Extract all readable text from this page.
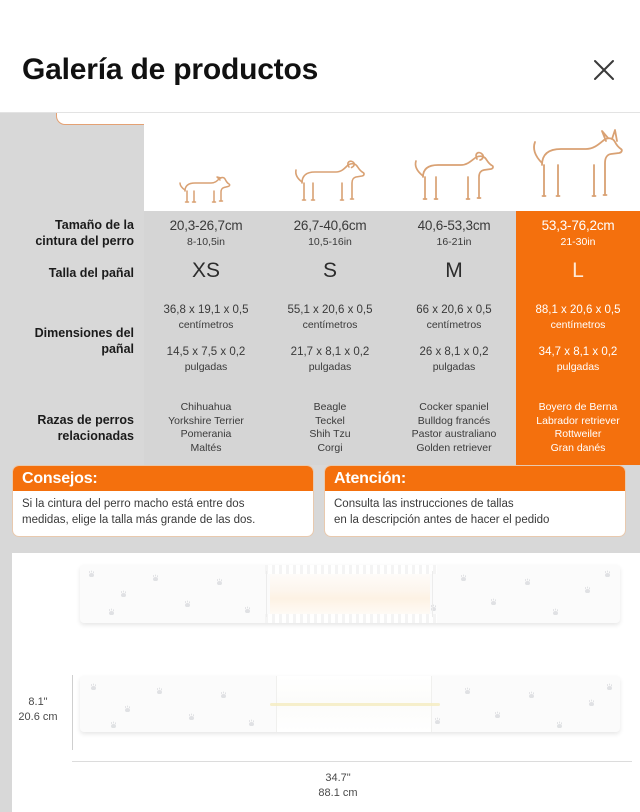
Galería de productos
Tamaño de la
cintura del perro
Talla del pañal
Dimensiones del
pañal
Razas de perros
relacionadas
20,3-26,7cm
8-10,5in
XS
36,8 x 19,1 x 0,5
centímetros
14,5 x 7,5 x 0,2
pulgadas
Chihuahua
Yorkshire Terrier
Pomerania
Maltés
26,7-40,6cm
10,5-16in
S
55,1 x 20,6 x 0,5
centímetros
21,7 x 8,1 x 0,2
pulgadas
Beagle
Teckel
Shih Tzu
Corgi
40,6-53,3cm
16-21in
M
66 x 20,6 x 0,5
centímetros
26 x 8,1 x 0,2
pulgadas
Cocker spaniel
Bulldog francés
Pastor australiano
Golden retriever
53,3-76,2cm
21-30in
L
88,1 x 20,6 x 0,5
centímetros
34,7 x 8,1 x 0,2
pulgadas
Boyero de Berna
Labrador retriever
Rottweiler
Gran danés
Consejos:
Si la cintura del perro macho está entre dos
medidas, elige la talla más grande de las dos.
Atención:
Consulta las instrucciones de tallas
en la descripción antes de hacer el pedido
8.1"
20.6 cm
34.7"
88.1 cm
